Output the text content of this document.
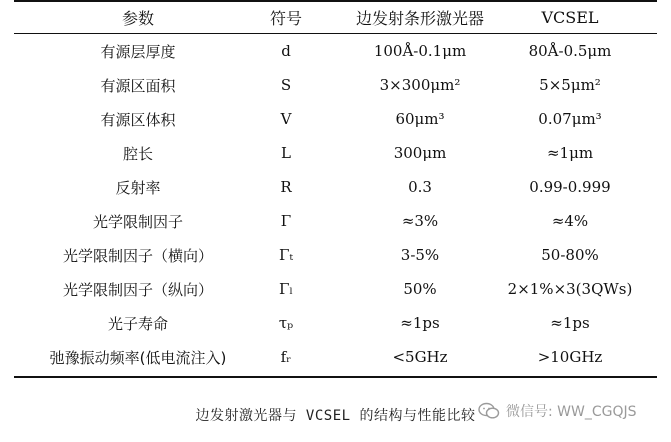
参数	符号	边发射条形激光器	VCSEL
有源层厚度	d	100Å-0.1μm	80Å-0.5μm
有源区面积	S	3×300μm²	5×5μm²
有源区体积	V	60μm³	0.07μm³
腔长	L	300μm	≈1μm
反射率	R	0.3	0.99-0.999
光学限制因子	Γ	≈3%	≈4%
光学限制因子（横向）	Γₜ	3-5%	50-80%
光学限制因子（纵向）	Γₗ	50%	2×1%×3(3QWs)
光子寿命	τₚ	≈1ps	≈1ps
弛豫振动频率(低电流注入)	fᵣ	<5GHz	>10GHz
边发射激光器与 VCSEL 的结构与性能比较	微信号: WW_CGQJS
